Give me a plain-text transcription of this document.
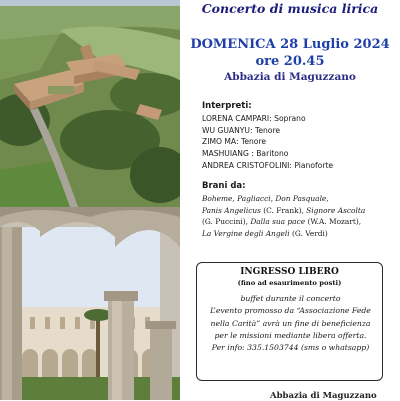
Concerto di musica lirica
DOMENICA 28 Luglio 2024
ore 20.45
Abbazia di Maguzzano
Interpreti:
LORENA CAMPARI: Soprano
WU GUANYU: Tenore
ZIMO MA: Tenore
MASHUIANG : Baritono
ANDREA CRISTOFOLINI: Pianoforte
Brani da:
Boheme, Pagliacci, Don Pasquale,
Panis Angelicus (C. Frank), Signore Ascolta
(G. Puccini), Dalla sua pace (W.A. Mozart),
La Vergine degli Angeli (G. Verdi)
INGRESSO LIBERO
(fino ad esaurimento posti)
buffet durante il concerto
L’evento promosso da “Associazione Fede
nella Carità” avrà un fine di beneficienza
per le missioni mediante libera offerta.
Per info: 335.1503744 (sms o whatsapp)
Abbazia di Maguzzano
